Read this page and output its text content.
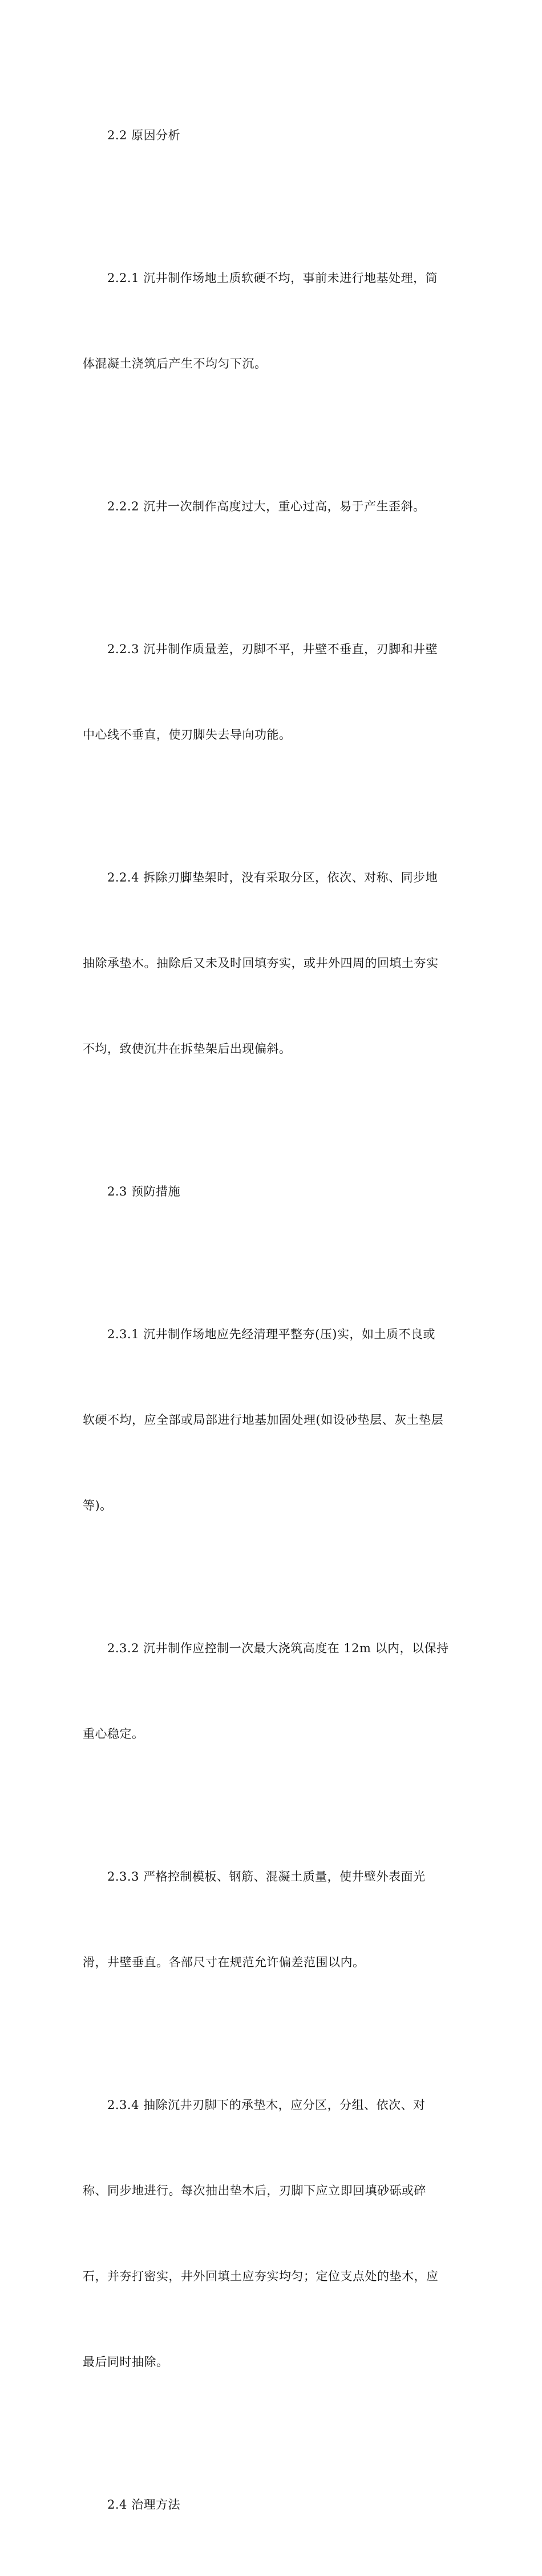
2.2 原因分析

2.2.1 沉井制作场地土质软硬不均，事前未进行地基处理，筒

体混凝土浇筑后产生不均匀下沉。

2.2.2 沉井一次制作高度过大，重心过高，易于产生歪斜。

2.2.3 沉井制作质量差，刃脚不平，井壁不垂直，刃脚和井壁

中心线不垂直，使刃脚失去导向功能。

2.2.4 拆除刃脚垫架时，没有采取分区，依次、对称、同步地

抽除承垫木。抽除后又未及时回填夯实，或井外四周的回填土夯实

不均，致使沉井在拆垫架后出现偏斜。

2.3 预防措施

2.3.1 沉井制作场地应先经清理平整夯(压)实，如土质不良或

软硬不均，应全部或局部进行地基加固处理(如设砂垫层、灰土垫层

等)。

2.3.2 沉井制作应控制一次最大浇筑高度在 12m 以内，以保持

重心稳定。

2.3.3 严格控制模板、钢筋、混凝土质量，使井壁外表面光

滑，井壁垂直。各部尺寸在规范允许偏差范围以内。

2.3.4 抽除沉井刃脚下的承垫木，应分区，分组、依次、对

称、同步地进行。每次抽出垫木后，刃脚下应立即回填砂砾或碎

石，并夯打密实，井外回填土应夯实均匀；定位支点处的垫木，应

最后同时抽除。

2.4 治理方法
